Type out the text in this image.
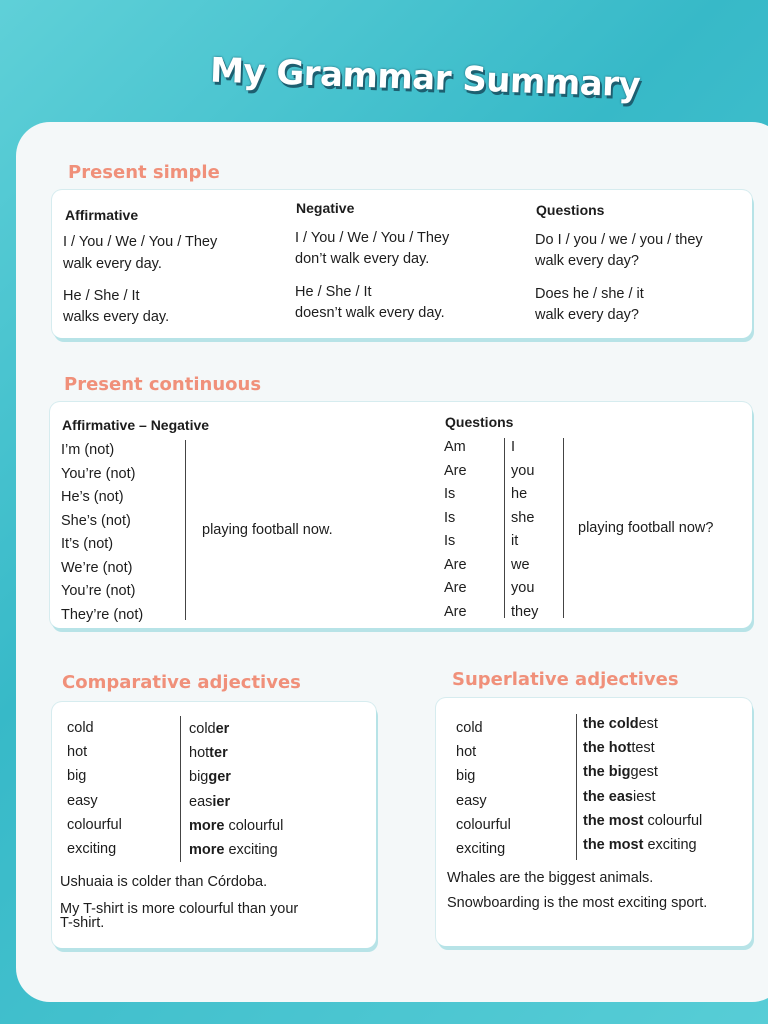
My Grammar Summary
Present simple
Affirmative
I / You / We / You / They
walk every day.
He / She / It
walks every day.
Negative
I / You / We / You / They
don’t walk every day.
He / She / It
doesn’t walk every day.
Questions
Do I / you / we / you / they
walk every day?
Does he / she / it
walk every day?
Present continuous
Affirmative – Negative	Questions
I’m (not)
You’re (not)
He’s (not)
She’s (not)
It’s (not)
We’re (not)
You’re (not)
They’re (not)
playing football now.
Am
Are
Is
Is
Is
Are
Are
Are
I
you
he
she
it
we
you
they
playing football now?
Comparative adjectives
cold
hot
big
easy
colourful
exciting
colder
hotter
bigger
easier
more colourful
more exciting
Ushuaia is colder than Córdoba.
My T-shirt is more colourful than your
T-shirt.
Superlative adjectives
cold
hot
big
easy
colourful
exciting
the coldest
the hottest
the biggest
the easiest
the most colourful
the most exciting
Whales are the biggest animals.
Snowboarding is the most exciting sport.
